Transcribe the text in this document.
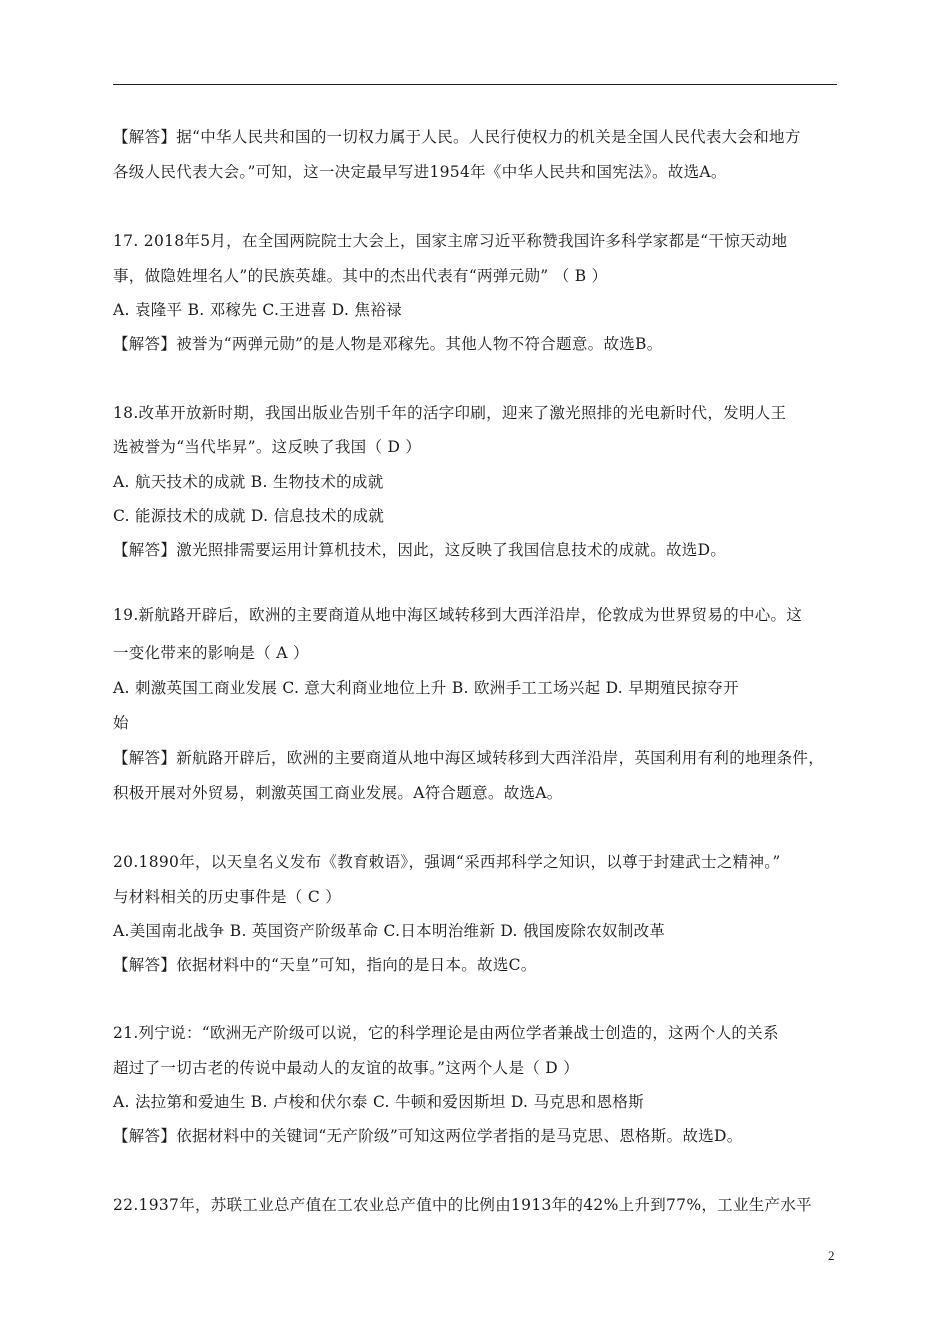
【解答】据“中华人民共和国的一切权力属于人民。人民行使权力的机关是全国人民代表大会和地方
各级人民代表大会。”可知，这一决定最早写进1954年《中华人民共和国宪法》。故选A。
17. 2018年5月，在全国两院院士大会上，国家主席习近平称赞我国许多科学家都是“干惊天动地
事，做隐姓埋名人”的民族英雄。其中的杰出代表有“两弹元勋” （ B ）
A. 袁隆平 B. 邓稼先 C.王进喜 D. 焦裕禄
【解答】被誉为“两弹元勋”的是人物是邓稼先。其他人物不符合题意。故选B。
18.改革开放新时期，我国出版业告别千年的活字印刷，迎来了激光照排的光电新时代，发明人王
选被誉为“当代毕昇”。这反映了我国（ D ）
A. 航天技术的成就 B. 生物技术的成就
C. 能源技术的成就 D. 信息技术的成就
【解答】激光照排需要运用计算机技术，因此，这反映了我国信息技术的成就。故选D。
19.新航路开辟后，欧洲的主要商道从地中海区域转移到大西洋沿岸，伦敦成为世界贸易的中心。这
一变化带来的影响是（ A ）
A. 刺激英国工商业发展 C. 意大利商业地位上升 B. 欧洲手工工场兴起 D. 早期殖民掠夺开
始
【解答】新航路开辟后，欧洲的主要商道从地中海区域转移到大西洋沿岸，英国利用有利的地理条件，
积极开展对外贸易，刺激英国工商业发展。A符合题意。故选A。
20.1890年，以天皇名义发布《教育敕语》，强调“采西邦科学之知识，以尊于封建武士之精神。”
与材料相关的历史事件是（ C ）
A.美国南北战争 B. 英国资产阶级革命 C.日本明治维新 D. 俄国废除农奴制改革
【解答】依据材料中的“天皇”可知，指向的是日本。故选C。
21.列宁说：“欧洲无产阶级可以说，它的科学理论是由两位学者兼战士创造的，这两个人的关系
超过了一切古老的传说中最动人的友谊的故事。”这两个人是（ D ）
A. 法拉第和爱迪生 B. 卢梭和伏尔泰 C. 牛顿和爱因斯坦 D. 马克思和恩格斯
【解答】依据材料中的关键词“无产阶级”可知这两位学者指的是马克思、恩格斯。故选D。
22.1937年，苏联工业总产值在工农业总产值中的比例由1913年的42%上升到77%，工业生产水平
2
